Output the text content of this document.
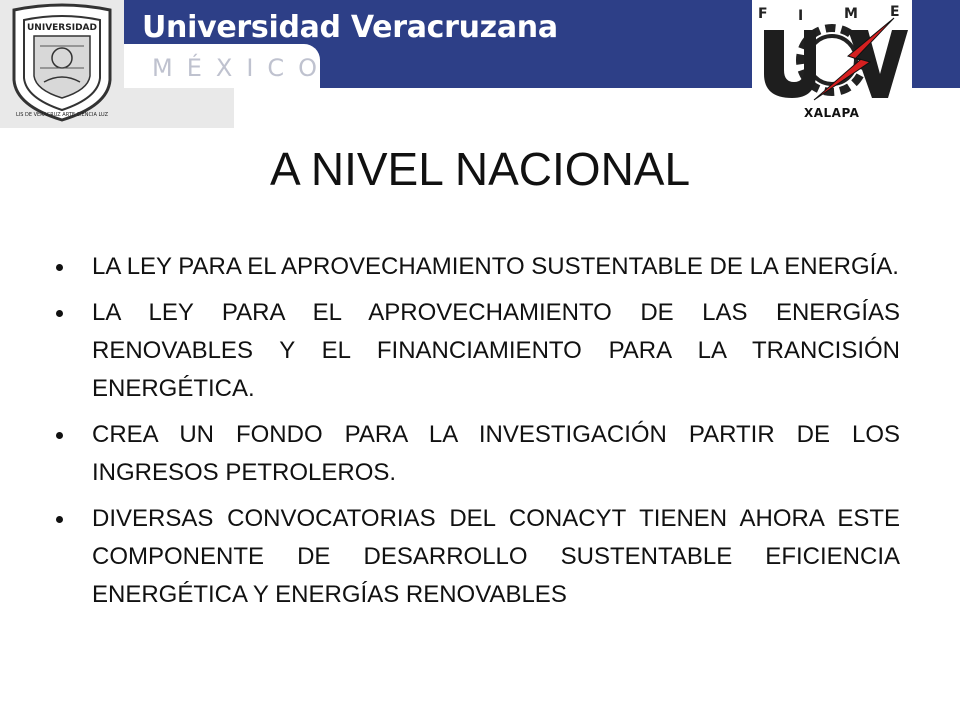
UNIVERSIDAD
LIS DE VERACRUZ ARTE CIENCIA LUZ
Universidad Veracruzana
MÉXICO
F I	M E
XALAPA
A NIVEL NACIONAL
LA LEY PARA EL APROVECHAMIENTO SUSTENTABLE DE LA ENERGÍA.
LA LEY PARA EL APROVECHAMIENTO DE LAS ENERGÍAS RENOVABLES Y EL FINANCIAMIENTO PARA LA TRANCISIÓN ENERGÉTICA.
CREA UN FONDO PARA LA INVESTIGACIÓN PARTIR DE LOS INGRESOS PETROLEROS.
DIVERSAS CONVOCATORIAS DEL CONACYT TIENEN AHORA ESTE COMPONENTE DE DESARROLLO SUSTENTABLE EFICIENCIA ENERGÉTICA Y ENERGÍAS RENOVABLES
